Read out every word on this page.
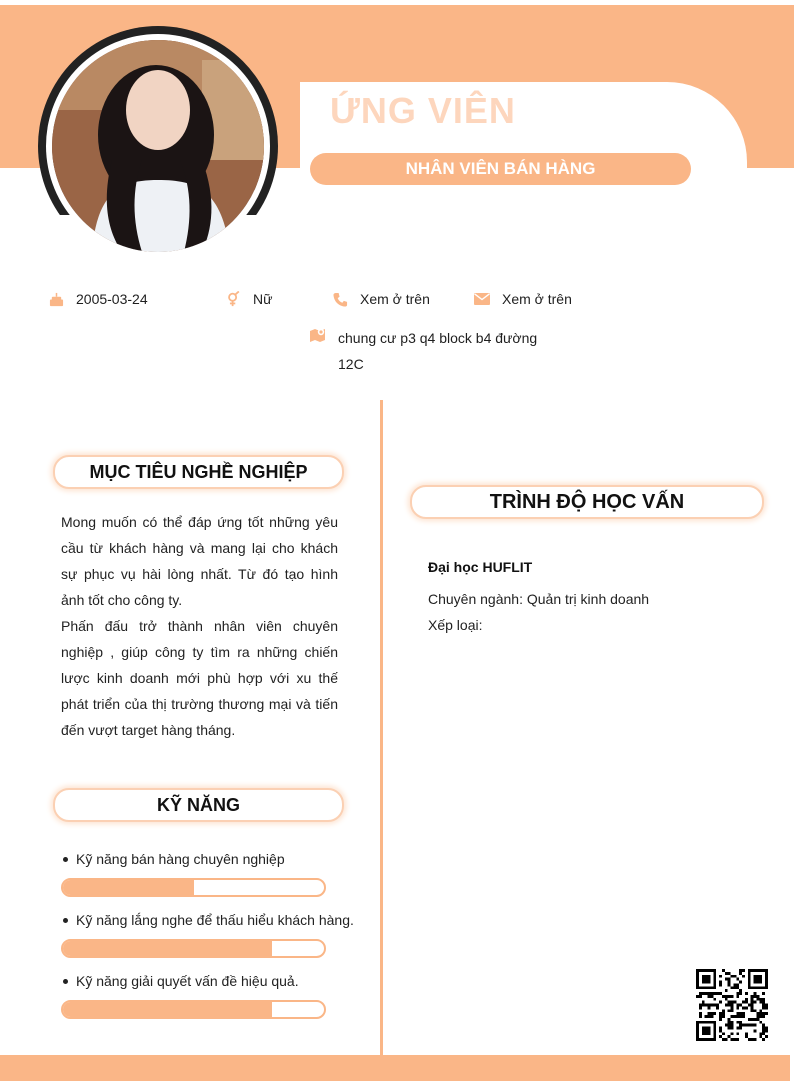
ỨNG VIÊN
NHÂN VIÊN BÁN HÀNG
2005-03-24	Nữ	Xem ở trên	Xem ở trên
chung cư p3 q4 block b4 đường 12C
MỤC TIÊU NGHỀ NGHIỆP

Mong muốn có thể đáp ứng tốt những yêu cầu từ khách hàng và mang lại cho khách sự phục vụ hài lòng nhất. Từ đó tạo hình ảnh tốt cho công ty.

Phấn đấu trở thành nhân viên chuyên nghiệp , giúp công ty tìm ra những chiến lược kinh doanh mới phù hợp với xu thế phát triển của thị trường thương mại và tiến đến vượt target hàng tháng.

KỸ NĂNG
Kỹ năng bán hàng chuyên nghiệp
Kỹ năng lắng nghe để thấu hiểu khách hàng.
Kỹ năng giải quyết vấn đề hiệu quả.
TRÌNH ĐỘ HỌC VẤN
Đại học HUFLIT
Chuyên ngành: Quản trị kinh doanh
Xếp loại:
